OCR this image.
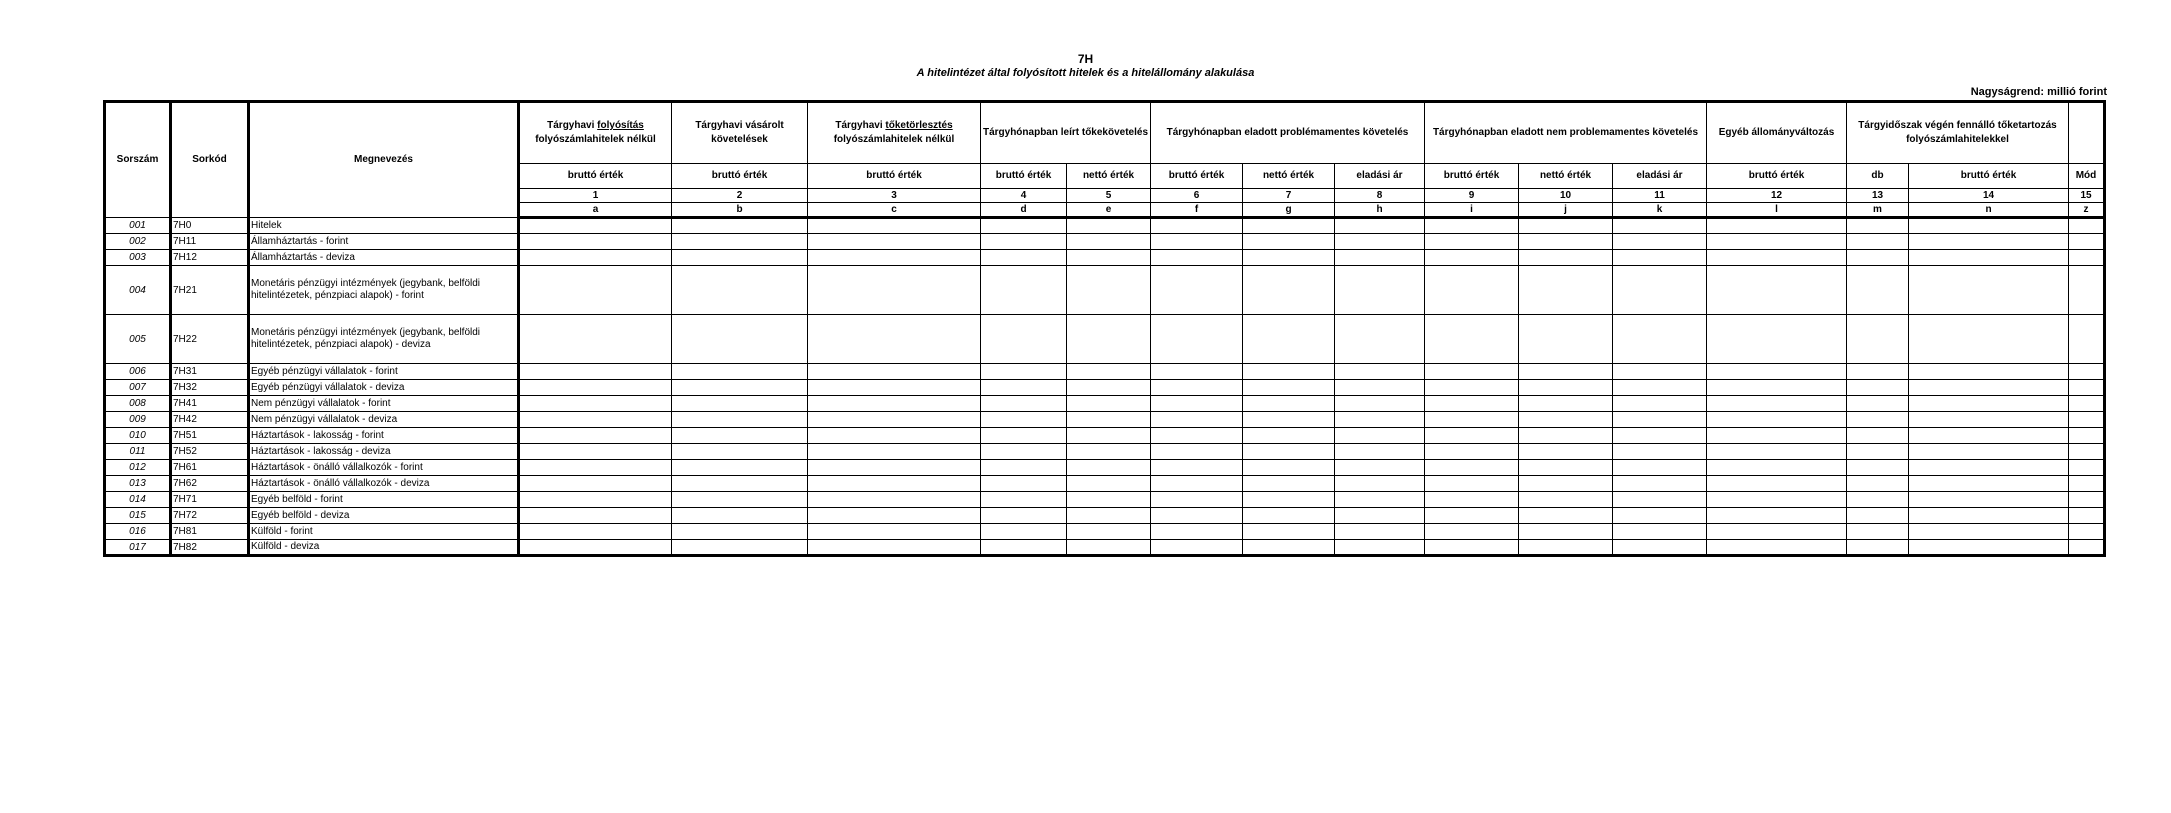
7H
A hitelintézet által folyósított hitelek és a hitelállomány alakulása
Nagyságrend: millió forint
Sorszám	Sorkód	Megnevezés	Tárgyhavi folyósítás folyószámlahitelek nélkül	Tárgyhavi vásárolt követelések	Tárgyhavi tőketörlesztés folyószámlahitelek nélkül	Tárgyhónapban leírt tőkekövetelés		Tárgyhónapban eladott problémamentes követelés			Tárgyhónapban eladott nem problemamentes követelés			Egyéb állományváltozás	Tárgyidőszak végén fennálló tőketartozás folyószámlahitelekkel		
			bruttó érték	bruttó érték	bruttó érték	bruttó érték	nettó érték	bruttó érték	nettó érték	eladási ár	bruttó érték	nettó érték	eladási ár	bruttó érték	db	bruttó érték	Mód
			1	2	3	4	5	6	7	8	9	10	11	12	13	14	15
			a	b	c	d	e	f	g	h	i	j	k	l	m	n	z
001	7H0	Hitelek															
002	7H11	Államháztartás - forint															
003	7H12	Államháztartás - deviza															
004	7H21	Monetáris pénzügyi intézmények (jegybank, belföldi hitelintézetek, pénzpiaci alapok) - forint															
005	7H22	Monetáris pénzügyi intézmények (jegybank, belföldi hitelintézetek, pénzpiaci alapok) - deviza															
006	7H31	Egyéb pénzügyi vállalatok - forint															
007	7H32	Egyéb pénzügyi vállalatok - deviza															
008	7H41	Nem pénzügyi vállalatok - forint															
009	7H42	Nem pénzügyi vállalatok - deviza															
010	7H51	Háztartások - lakosság - forint															
011	7H52	Háztartások - lakosság - deviza															
012	7H61	Háztartások - önálló vállalkozók - forint															
013	7H62	Háztartások - önálló vállalkozók - deviza															
014	7H71	Egyéb belföld - forint															
015	7H72	Egyéb belföld - deviza															
016	7H81	Külföld - forint															
017	7H82	Külföld - deviza															
